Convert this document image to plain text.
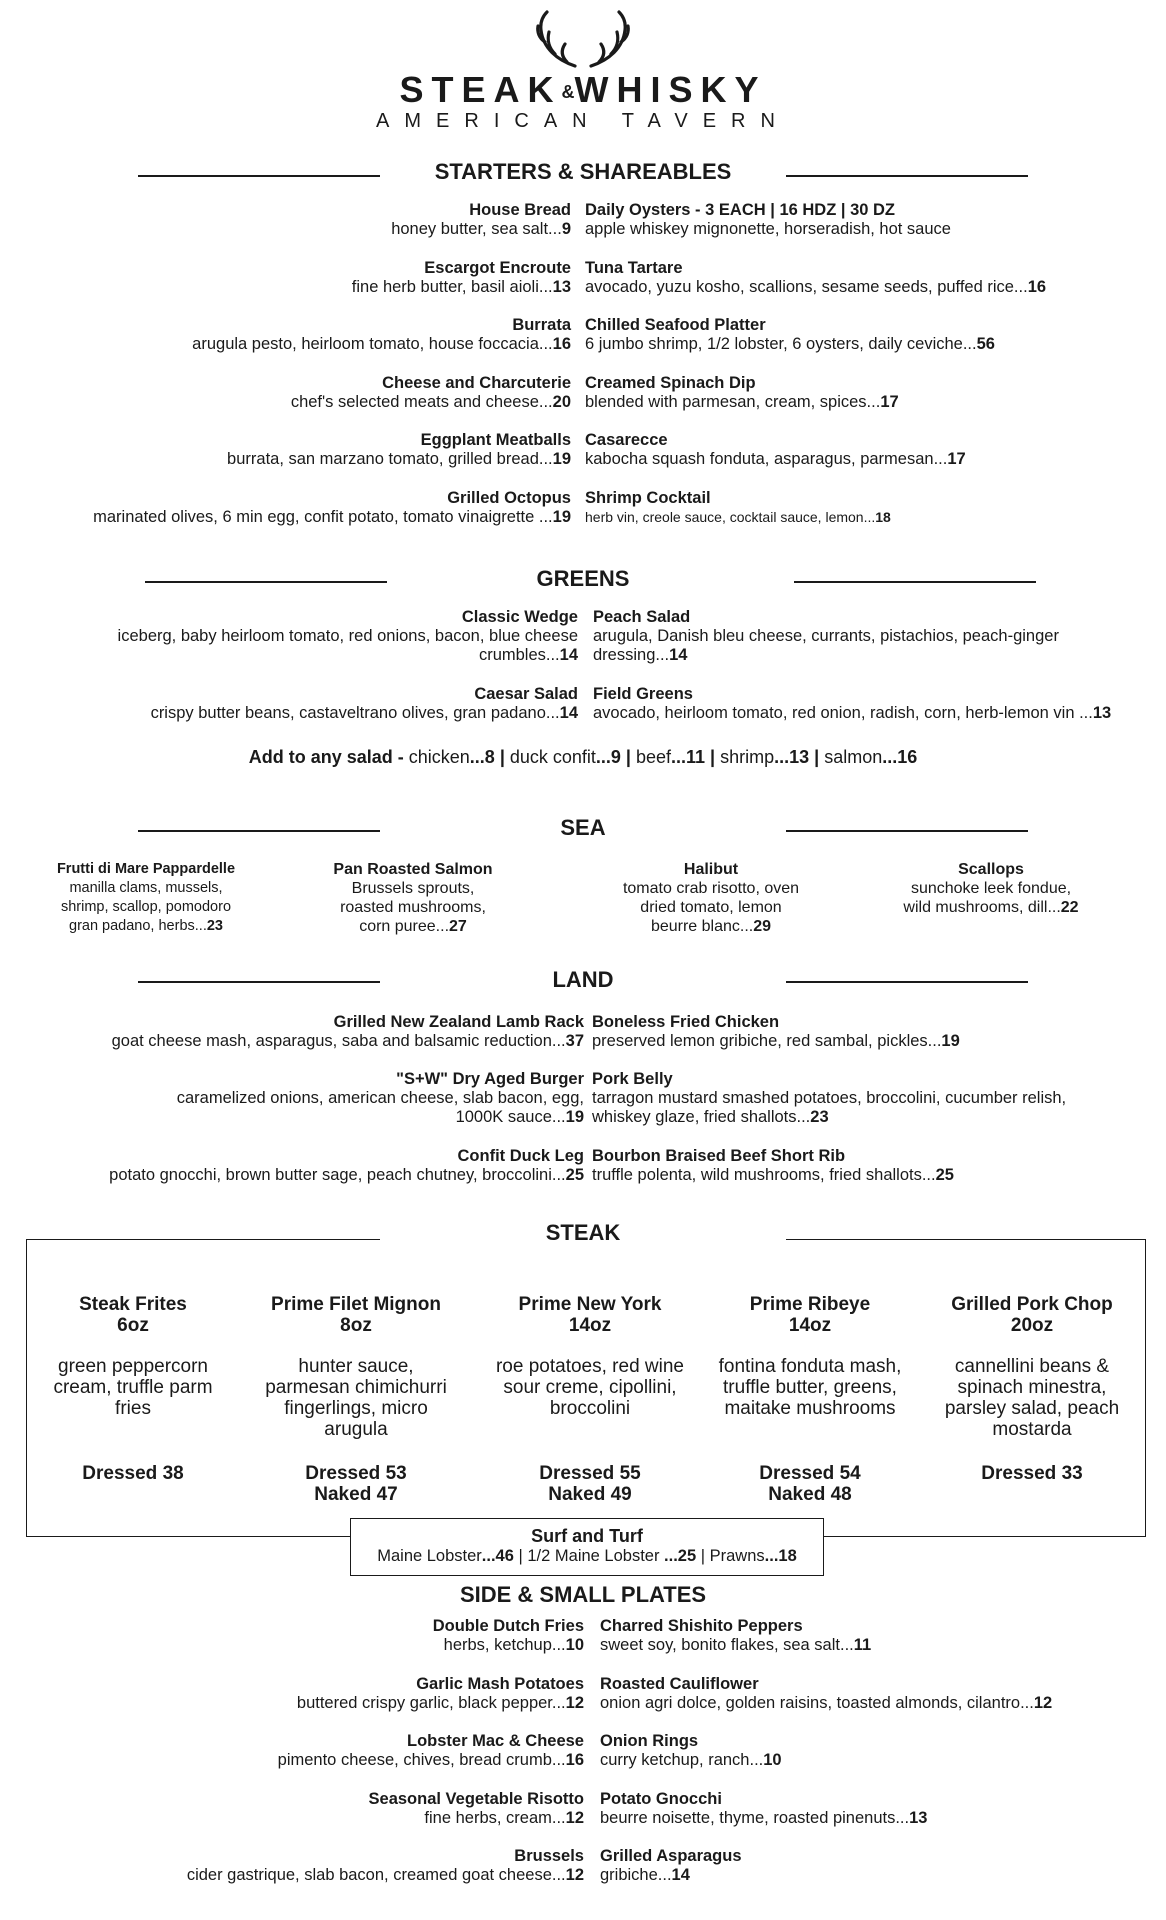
STEAK&WHISKY
AMERICAN TAVERN
STARTERS & SHAREABLES
House Bread
honey butter, sea salt...9
Escargot Encroute
fine herb butter, basil aioli...13
Burrata
arugula pesto, heirloom tomato, house foccacia...16
Cheese and Charcuterie
chef's selected meats and cheese...20
Eggplant Meatballs
burrata, san marzano tomato, grilled bread...19
Grilled Octopus
marinated olives, 6 min egg, confit potato, tomato vinaigrette ...19
Daily Oysters - 3 EACH | 16 HDZ | 30 DZ
apple whiskey mignonette, horseradish, hot sauce
Tuna Tartare
avocado, yuzu kosho, scallions, sesame seeds, puffed rice...16
Chilled Seafood Platter
6 jumbo shrimp, 1/2 lobster, 6 oysters, daily ceviche...56
Creamed Spinach Dip
blended with parmesan, cream, spices...17
Casarecce
kabocha squash fonduta, asparagus, parmesan...17
Shrimp Cocktail
herb vin, creole sauce, cocktail sauce, lemon...18
GREENS
Classic Wedge
iceberg, baby heirloom tomato, red onions, bacon, blue cheese
crumbles...14
Caesar Salad
crispy butter beans, castaveltrano olives, gran padano...14
Peach Salad
arugula, Danish bleu cheese, currants, pistachios, peach-ginger
dressing...14
Field Greens
avocado, heirloom tomato, red onion, radish, corn, herb-lemon vin ...13
Add to any salad - chicken...8 | duck confit...9 | beef...11 | shrimp...13 | salmon...16
SEA
Frutti di Mare Pappardelle
manilla clams, mussels,
shrimp, scallop, pomodoro
gran padano, herbs...23
Pan Roasted Salmon
Brussels sprouts,
roasted mushrooms,
corn puree...27
Halibut
tomato crab risotto, oven
dried tomato, lemon
beurre blanc...29
Scallops
sunchoke leek fondue,
wild mushrooms, dill...22
LAND
Grilled New Zealand Lamb Rack
goat cheese mash, asparagus, saba and balsamic reduction...37
"S+W" Dry Aged Burger
caramelized onions, american cheese, slab bacon, egg,
1000K sauce...19
Confit Duck Leg
potato gnocchi, brown butter sage, peach chutney, broccolini...25
Boneless Fried Chicken
preserved lemon gribiche, red sambal, pickles...19
Pork Belly
tarragon mustard smashed potatoes, broccolini, cucumber relish,
whiskey glaze, fried shallots...23
Bourbon Braised Beef Short Rib
truffle polenta, wild mushrooms, fried shallots...25
STEAK
Steak Frites
6oz
green peppercorn
cream, truffle parm
fries
Dressed 38
Prime Filet Mignon
8oz
hunter sauce,
parmesan chimichurri
fingerlings, micro
arugula
Dressed 53
Naked 47
Prime New York
14oz
roe potatoes, red wine
sour creme, cipollini,
broccolini
Dressed 55
Naked 49
Prime Ribeye
14oz
fontina fonduta mash,
truffle butter, greens,
maitake mushrooms
Dressed 54
Naked 48
Grilled Pork Chop
20oz
cannellini beans &
spinach minestra,
parsley salad, peach
mostarda
Dressed 33
Surf and Turf
Maine Lobster...46 | 1/2 Maine Lobster ...25 | Prawns...18
SIDE & SMALL PLATES
Double Dutch Fries
herbs, ketchup...10
Garlic Mash Potatoes
buttered crispy garlic, black pepper...12
Lobster Mac & Cheese
pimento cheese, chives, bread crumb...16
Seasonal Vegetable Risotto
fine herbs, cream...12
Brussels
cider gastrique, slab bacon, creamed goat cheese...12
Charred Shishito Peppers
sweet soy, bonito flakes, sea salt...11
Roasted Cauliflower
onion agri dolce, golden raisins, toasted almonds, cilantro...12
Onion Rings
curry ketchup, ranch...10
Potato Gnocchi
beurre noisette, thyme, roasted pinenuts...13
Grilled Asparagus
gribiche...14
